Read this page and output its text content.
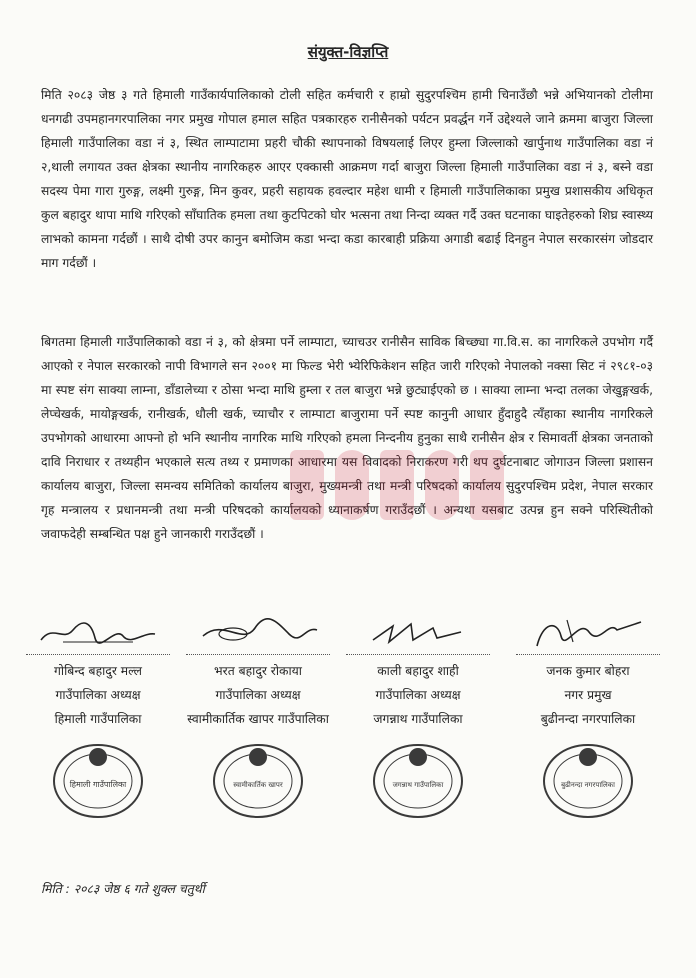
संयुक्त-विज्ञप्ति

मिति २०८३ जेष्ठ ३ गते हिमाली गाउँकार्यपालिकाको टोली सहित कर्मचारी र हाम्रो सुदुरपश्चिम हामी चिनाउँछौ भन्ने अभियानको टोलीमा धनगढी उपमहानगरपालिका नगर प्रमुख गोपाल हमाल सहित पत्रकारहरु रानीसैनको पर्यटन प्रवर्द्धन गर्ने उद्देश्यले जाने क्रममा बाजुरा जिल्ला हिमाली गाउँपालिका वडा नं ३, स्थित लाम्पाटामा प्रहरी चौकी स्थापनाको विषयलाई लिएर हुम्ला जिल्लाको खार्पुनाथ गाउँपालिका वडा नं २,थाली लगायत उक्त क्षेत्रका स्थानीय नागरिकहरु आएर एक्कासी आक्रमण गर्दा बाजुरा जिल्ला हिमाली गाउँपालिका वडा नं ३, बस्ने वडा सदस्य पेमा गारा गुरुङ्ग, लक्ष्मी गुरुङ्ग, मिन कुवर, प्रहरी सहायक हवल्दार महेश धामी र हिमाली गाउँपालिकाका प्रमुख प्रशासकीय अधिकृत कुल बहादुर थापा माथि गरिएको साँघातिक हमला तथा कुटपिटको घोर भत्सना तथा निन्दा व्यक्त गर्दै उक्त घटनाका घाइतेहरुको शिघ्र स्वास्थ्य लाभको कामना गर्दछौं । साथै दोषी उपर कानुन बमोजिम कडा भन्दा कडा कारबाही प्रक्रिया अगाडी बढाई दिनहुन नेपाल सरकारसंग जोडदार माग गर्दछौं ।

बिगतमा हिमाली गाउँपालिकाको वडा नं ३, को क्षेत्रमा पर्ने लाम्पाटा, च्याचउर रानीसैन साविक बिच्छ्या गा.वि.स. का नागरिकले उपभोग गर्दै आएको र नेपाल सरकारको नापी विभागले सन २००१ मा फिल्ड भेरी भ्येरिफिकेशन सहित जारी गरिएको नेपालको नक्सा सिट नं २९८१-०३ मा स्पष्ट संग साक्या लाम्ना, डाँडालेच्या र ठोसा भन्दा माथि हुम्ला र तल बाजुरा भन्ने छुट्याईएको छ । साक्या लाम्ना भन्दा तलका जेखुङ्गखर्क, लेप्चेखर्क, मायोङ्गखर्क, रानीखर्क, धौली खर्क, च्याचौर र लाम्पाटा बाजुरामा पर्ने स्पष्ट कानुनी आधार हुँदाहुदै त्यँहाका स्थानीय नागरिकले उपभोगको आधारमा आफ्नो हो भनि स्थानीय नागरिक माथि गरिएको हमला निन्दनीय हुनुका साथै रानीसैन क्षेत्र र सिमावर्ती क्षेत्रका जनताको दावि निराधार र तथ्यहीन भएकाले सत्य तथ्य र प्रमाणका आधारमा यस विवादको निराकरण गरी थप दुर्घटनाबाट जोगाउन जिल्ला प्रशासन कार्यालय बाजुरा, जिल्ला समन्वय समितिको कार्यालय बाजुरा, मुख्यमन्त्री तथा मन्त्री परिषदको कार्यालय सुदुरपश्चिम प्रदेश, नेपाल सरकार गृह मन्त्रालय र प्रधानमन्त्री तथा मन्त्री परिषदको कार्यालयको ध्यानाकर्षण गराउँदछौं । अन्यथा यसबाट उत्पन्न हुन सक्ने परिस्थितीको जवाफदेही सम्बन्धित पक्ष हुने जानकारी गराउँदछौं ।

गोबिन्द बहादुर मल्ल
गाउँपालिका अध्यक्ष
हिमाली गाउँपालिका
हिमाली गाउँपालिका
भरत बहादुर रोकाया
गाउँपालिका अध्यक्ष
स्वामीकार्तिक खापर गाउँपालिका
स्वामीकार्तिक खापर
काली बहादुर शाही
गाउँपालिका अध्यक्ष
जगन्नाथ गाउँपालिका
जगन्नाथ गाउँपालिका
जनक कुमार बोहरा
नगर प्रमुख
बुढीनन्दा नगरपालिका
बुढीनन्दा नगरपालिका
मिति : २०८३ जेष्ठ ६ गते शुक्ल चतुर्थी
